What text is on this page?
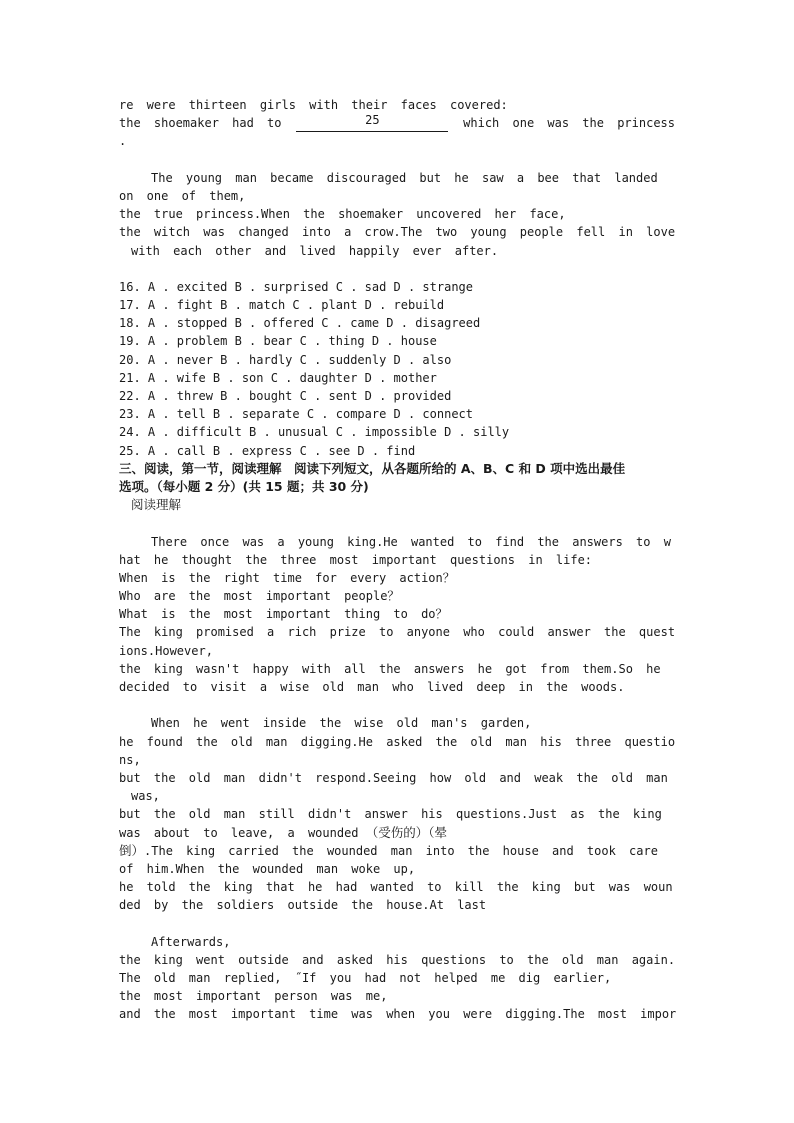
re were thirteen girls with their faces covered:
the shoemaker had to	25	which one was the princess
.
The young man became discouraged but he saw a bee that landed
on one of them,
the true princess.When the shoemaker uncovered her face,
the witch was changed into a crow.The two young people fell in love
with each other and lived happily ever after.
16. A . excited B . surprised C . sad D . strange
17. A . fight B . match C . plant D . rebuild
18. A . stopped B . offered C . came D . disagreed
19. A . problem B . bear C . thing D . house
20. A . never B . hardly C . suddenly D . also
21. A . wife B . son C . daughter D . mother
22. A . threw B . bought C . sent D . provided
23. A . tell B . separate C . compare D . connect
24. A . difficult B . unusual C . impossible D . silly
25. A . call B . express C . see D . find
三、阅读，第一节，阅读理解　阅读下列短文，从各题所给的 A、B、C 和 D 项中选出最佳
选项。（每小题 2 分）(共 15 题；共 30 分)
阅读理解
There once was a young king.He wanted to find the answers to w
hat he thought the three most important questions in life:
When is the right time for every action？
Who are the most important people？
What is the most important thing to do？
The king promised a rich prize to anyone who could answer the quest
ions.However,
the king wasn't happy with all the answers he got from them.So he
decided to visit a wise old man who lived deep in the woods.
When he went inside the wise old man's garden,
he found the old man digging.He asked the old man his three questio
ns,
but the old man didn't respond.Seeing how old and weak the old man
was,
but the old man still didn't answer his questions.Just as the king
was about to leave, a wounded （受伤的）（晕
倒）.The king carried the wounded man into the house and took care
of him.When the wounded man woke up,
he told the king that he had wanted to kill the king but was woun
ded by the soldiers outside the house.At last
Afterwards,
the king went outside and asked his questions to the old man again.
The old man replied, ˝If you had not helped me dig earlier,
the most important person was me,
and the most important time was when you were digging.The most impor
